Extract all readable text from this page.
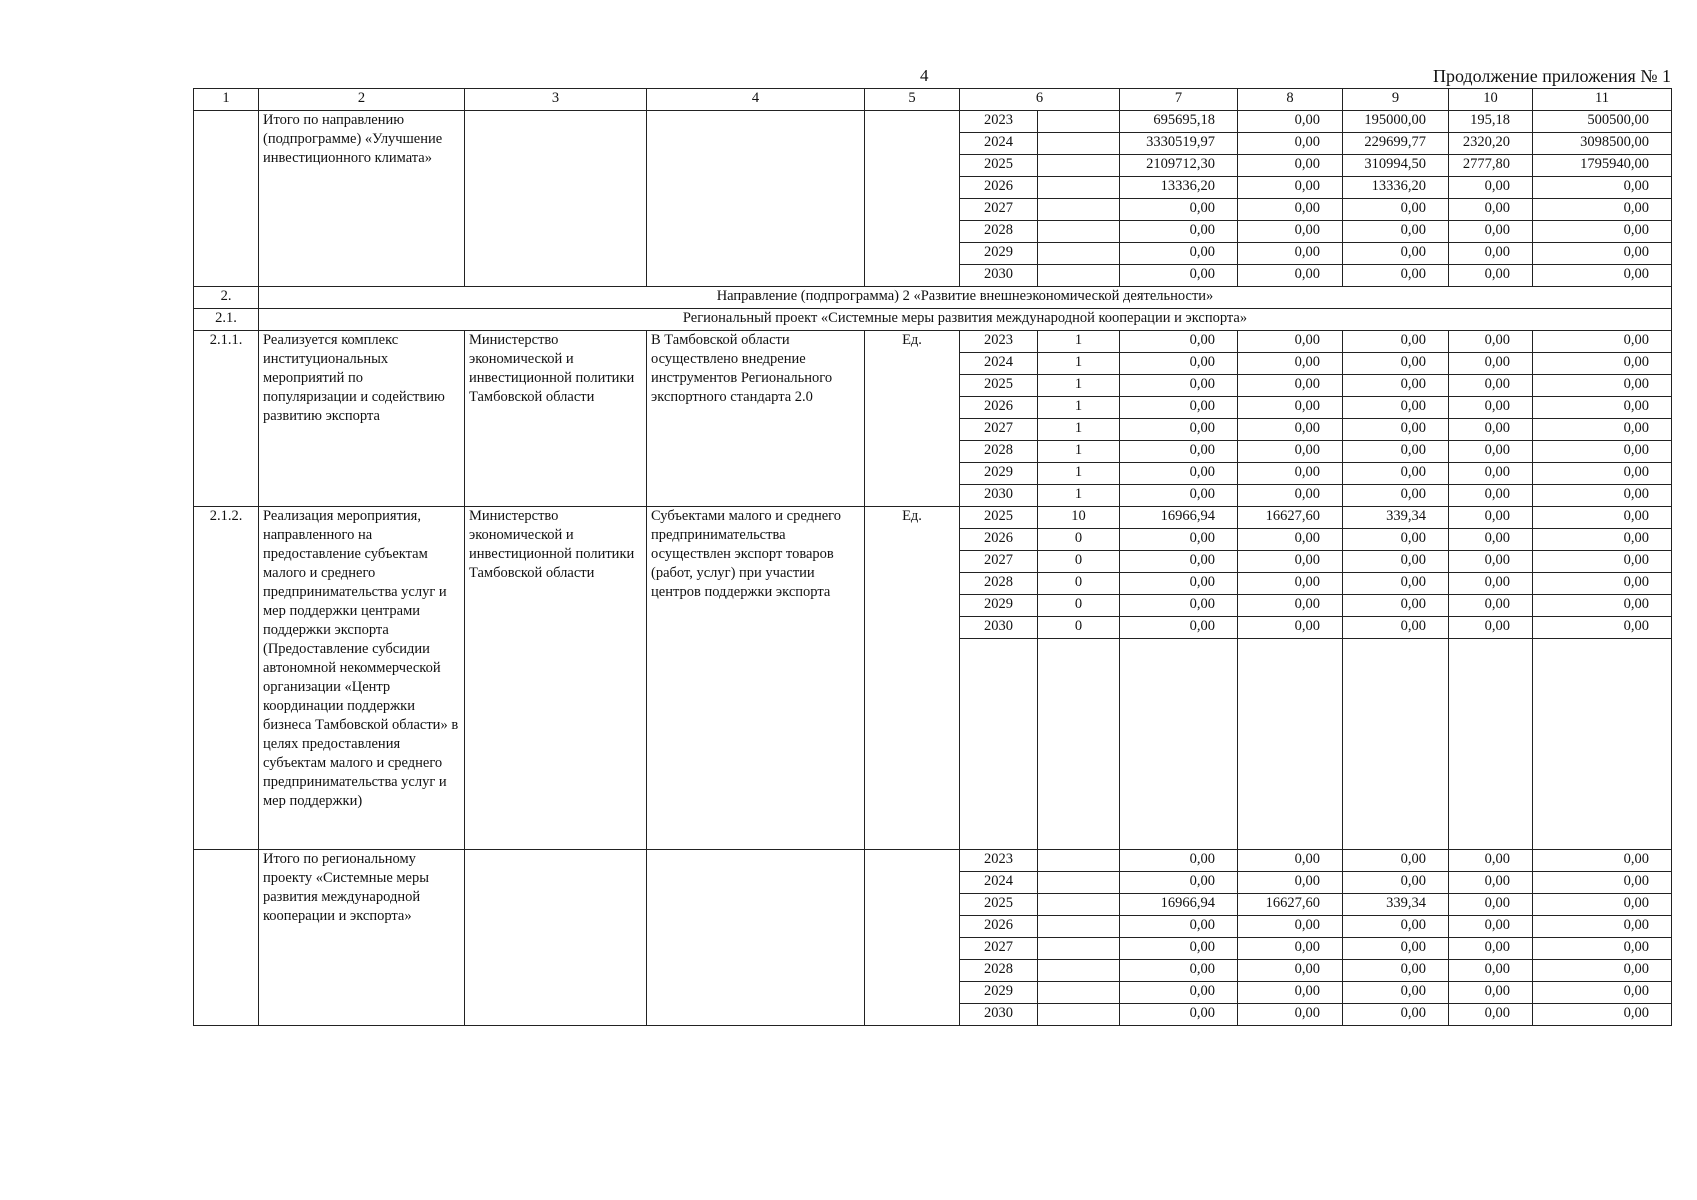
4	Продолжение приложения № 1
1	2	3	4	5	6		7	8	9	10	11
	Итого по направлению (подпрограмме) «Улучшение инвестиционного климата»				2023		695695,18	0,00	195000,00	195,18	500500,00
					2024		3330519,97	0,00	229699,77	2320,20	3098500,00
					2025		2109712,30	0,00	310994,50	2777,80	1795940,00
					2026		13336,20	0,00	13336,20	0,00	0,00
					2027		0,00	0,00	0,00	0,00	0,00
					2028		0,00	0,00	0,00	0,00	0,00
					2029		0,00	0,00	0,00	0,00	0,00
					2030		0,00	0,00	0,00	0,00	0,00
2.	Направление (подпрограмма) 2 «Развитие внешнеэкономической деятельности»										
2.1.	Региональный проект «Системные меры развития международной кооперации и экспорта»										
2.1.1.	Реализуется комплекс институциональных мероприятий по популяризации и содействию развитию экспорта	Министерство экономической и инвестиционной политики Тамбовской области	В Тамбовской области осуществлено внедрение инструментов Регионального экспортного стандарта 2.0	Ед.	2023	1	0,00	0,00	0,00	0,00	0,00
					2024	1	0,00	0,00	0,00	0,00	0,00
					2025	1	0,00	0,00	0,00	0,00	0,00
					2026	1	0,00	0,00	0,00	0,00	0,00
					2027	1	0,00	0,00	0,00	0,00	0,00
					2028	1	0,00	0,00	0,00	0,00	0,00
					2029	1	0,00	0,00	0,00	0,00	0,00
					2030	1	0,00	0,00	0,00	0,00	0,00
2.1.2.	Реализация мероприятия, направленного на предоставление субъектам малого и среднего предпринимательства услуг и мер поддержки центрами поддержки экспорта (Предоставление субсидии автономной некоммерческой организации «Центр координации поддержки бизнеса Тамбовской области» в целях предоставления субъектам малого и среднего предпринимательства услуг и мер поддержки)	Министерство экономической и инвестиционной политики Тамбовской области	Субъектами малого и среднего предпринимательства осуществлен экспорт товаров (работ, услуг) при участии центров поддержки экспорта	Ед.	2025	10	16966,94	16627,60	339,34	0,00	0,00
					2026	0	0,00	0,00	0,00	0,00	0,00
					2027	0	0,00	0,00	0,00	0,00	0,00
					2028	0	0,00	0,00	0,00	0,00	0,00
					2029	0	0,00	0,00	0,00	0,00	0,00
					2030	0	0,00	0,00	0,00	0,00	0,00

	Итого по региональному проекту «Системные меры развития международной кооперации и экспорта»				2023		0,00	0,00	0,00	0,00	0,00
					2024		0,00	0,00	0,00	0,00	0,00
					2025		16966,94	16627,60	339,34	0,00	0,00
					2026		0,00	0,00	0,00	0,00	0,00
					2027		0,00	0,00	0,00	0,00	0,00
					2028		0,00	0,00	0,00	0,00	0,00
					2029		0,00	0,00	0,00	0,00	0,00
					2030		0,00	0,00	0,00	0,00	0,00
